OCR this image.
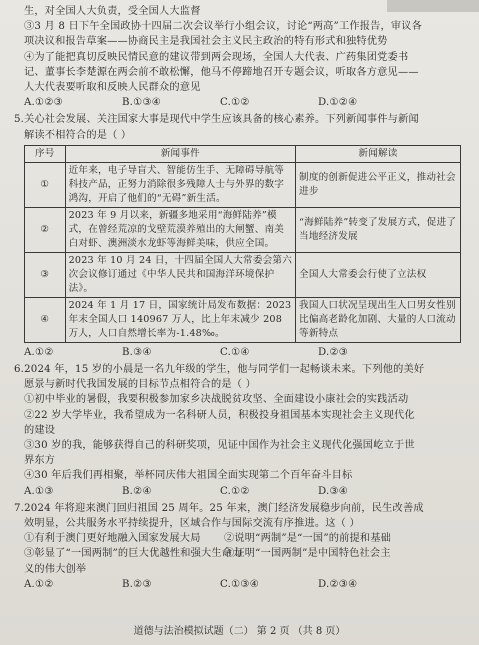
生，对全国人大负责，受全国人大监督
③3 月 8 日下午全国政协十四届二次会议举行小组会议，讨论“两高”工作报告，审议各
项决议和报告草案——协商民主是我国社会主义民主政治的特有形式和独特优势
④为了能把真切反映民情民意的建议带到两会现场，全国人大代表、广药集团党委书
记、董事长李楚源在两会前不敢松懈，他马不停蹄地召开专题会议，听取各方意见——
人大代表要听取和反映人民群众的意见
A.①②③	B.①③④	C.①②	D.①②④
5.关心社会发展、关注国家大事是现代中学生应该具备的核心素养。下列新闻事件与新闻
解读不相符合的是（ ）
序号	新闻事件	新闻解读
①	近年来，电子导盲犬、智能仿生手、无障碍导航等科技产品，正努力消除很多残障人士与外界的数字鸿沟，开启了他们的“无碍”新生活。	制度的创新促进公平正义，推动社会进步
②	2023 年 9 月以来，新疆多地采用“海鲜陆养”模式，在曾经荒凉的戈壁荒漠养殖出的大闸蟹、南美白对虾、澳洲淡水龙虾等海鲜美味，供应全国。	“海鲜陆养”转变了发展方式，促进了当地经济发展
③	2023 年 10 月 24 日，十四届全国人大常委会第六次会议修订通过《中华人民共和国海洋环境保护法》。	全国人大常委会行使了立法权
④	2024 年 1 月 17 日，国家统计局发布数据：2023 年末全国人口 140967 万人，比上年末减少 208 万人，人口自然增长率为-1.48‰。	我国人口状况呈现出生人口男女性别比偏高老龄化加剧、大量的人口流动等新特点
A.①②	B.③④	C.①④	D.②③
6.2024 年，15 岁的小晨是一名九年级的学生，他与同学们一起畅谈未来。下列他的美好
愿景与新时代我国发展的目标节点相符合的是（ ）
①初中毕业的暑假，我要积极参加家乡决战脱贫攻坚、全面建设小康社会的实践活动
②22 岁大学毕业，我希望成为一名科研人员，积极投身祖国基本实现社会主义现代化
的建设
③30 岁的我，能够获得自己的科研奖项，见证中国作为社会主义现代化强国屹立于世
界东方
④30 年后我们再相聚，举杯同庆伟大祖国全面实现第二个百年奋斗目标
A.①③	B.②④	C.①②	D.③④
7.2024 年将迎来澳门回归祖国 25 周年。25 年来，澳门经济发展稳步向前，民生改善成
效明显，公共服务水平持续提升，区域合作与国际交流有序推进。这（ ）
①有利于澳门更好地融入国家发展大局 ②说明“两制”是“一国”的前提和基础
③彰显了“一国两制”的巨大优越性和强大生命力④证明“一国两制”是中国特色社会主
义的伟大创举
A.①②	B.②③	C.①③④	D.②③④
道德与法治模拟试题（二） 第 2 页 （共 8 页）
